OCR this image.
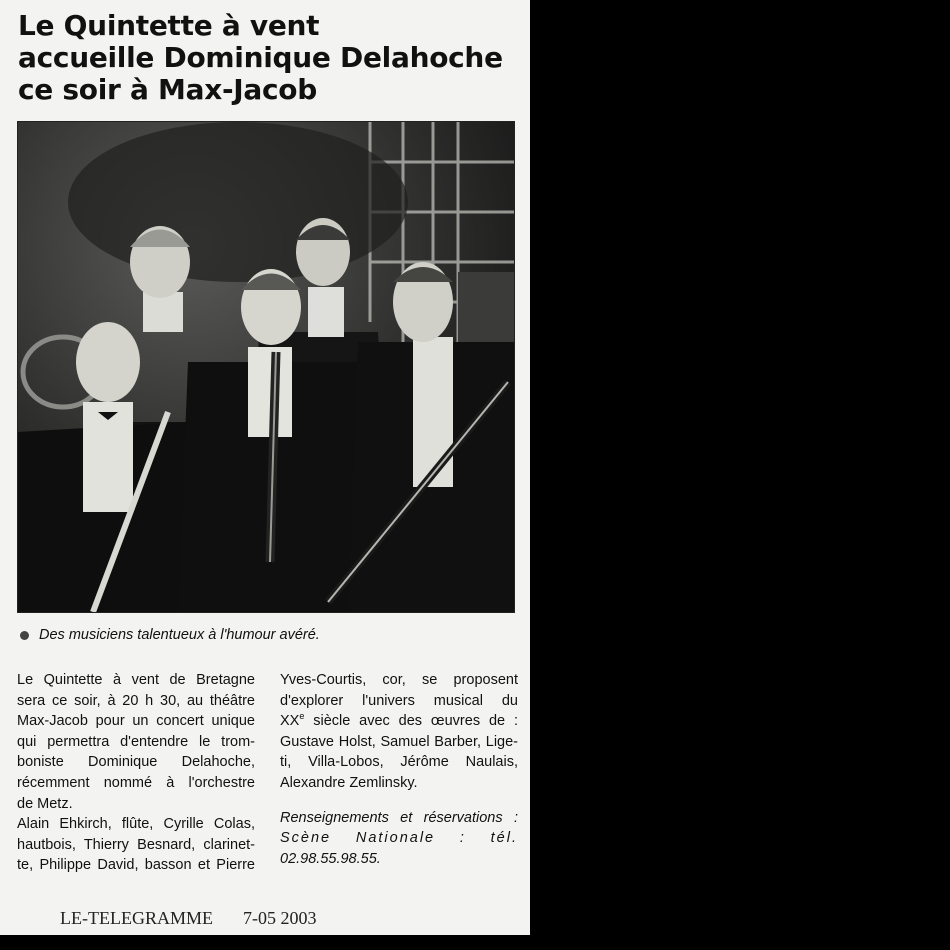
Le Quintette à vent
accueille Dominique Delahoche
ce soir à Max-Jacob
Des musiciens talentueux à l'humour avéré.

Le Quintette à vent de Bretagne
sera ce soir, à 20 h 30, au théâtre
Max-Jacob pour un concert unique
qui permettra d'entendre le trom-
boniste Dominique Delahoche,
récemment nommé à l'orchestre
de Metz.

Alain Ehkirch, flûte, Cyrille Colas,
hautbois, Thierry Besnard, clarinet-
te, Philippe David, basson et Pierre

Yves-Courtis, cor, se proposent
d'explorer l'univers musical du
XXe siècle avec des œuvres de :
Gustave Holst, Samuel Barber, Lige-
ti, Villa-Lobos, Jérôme Naulais,
Alexandre Zemlinsky.

Renseignements et réservations :
Scène Nationale : tél.
02.98.55.98.55.

LE-TELEGRAMME 7-05 2003
